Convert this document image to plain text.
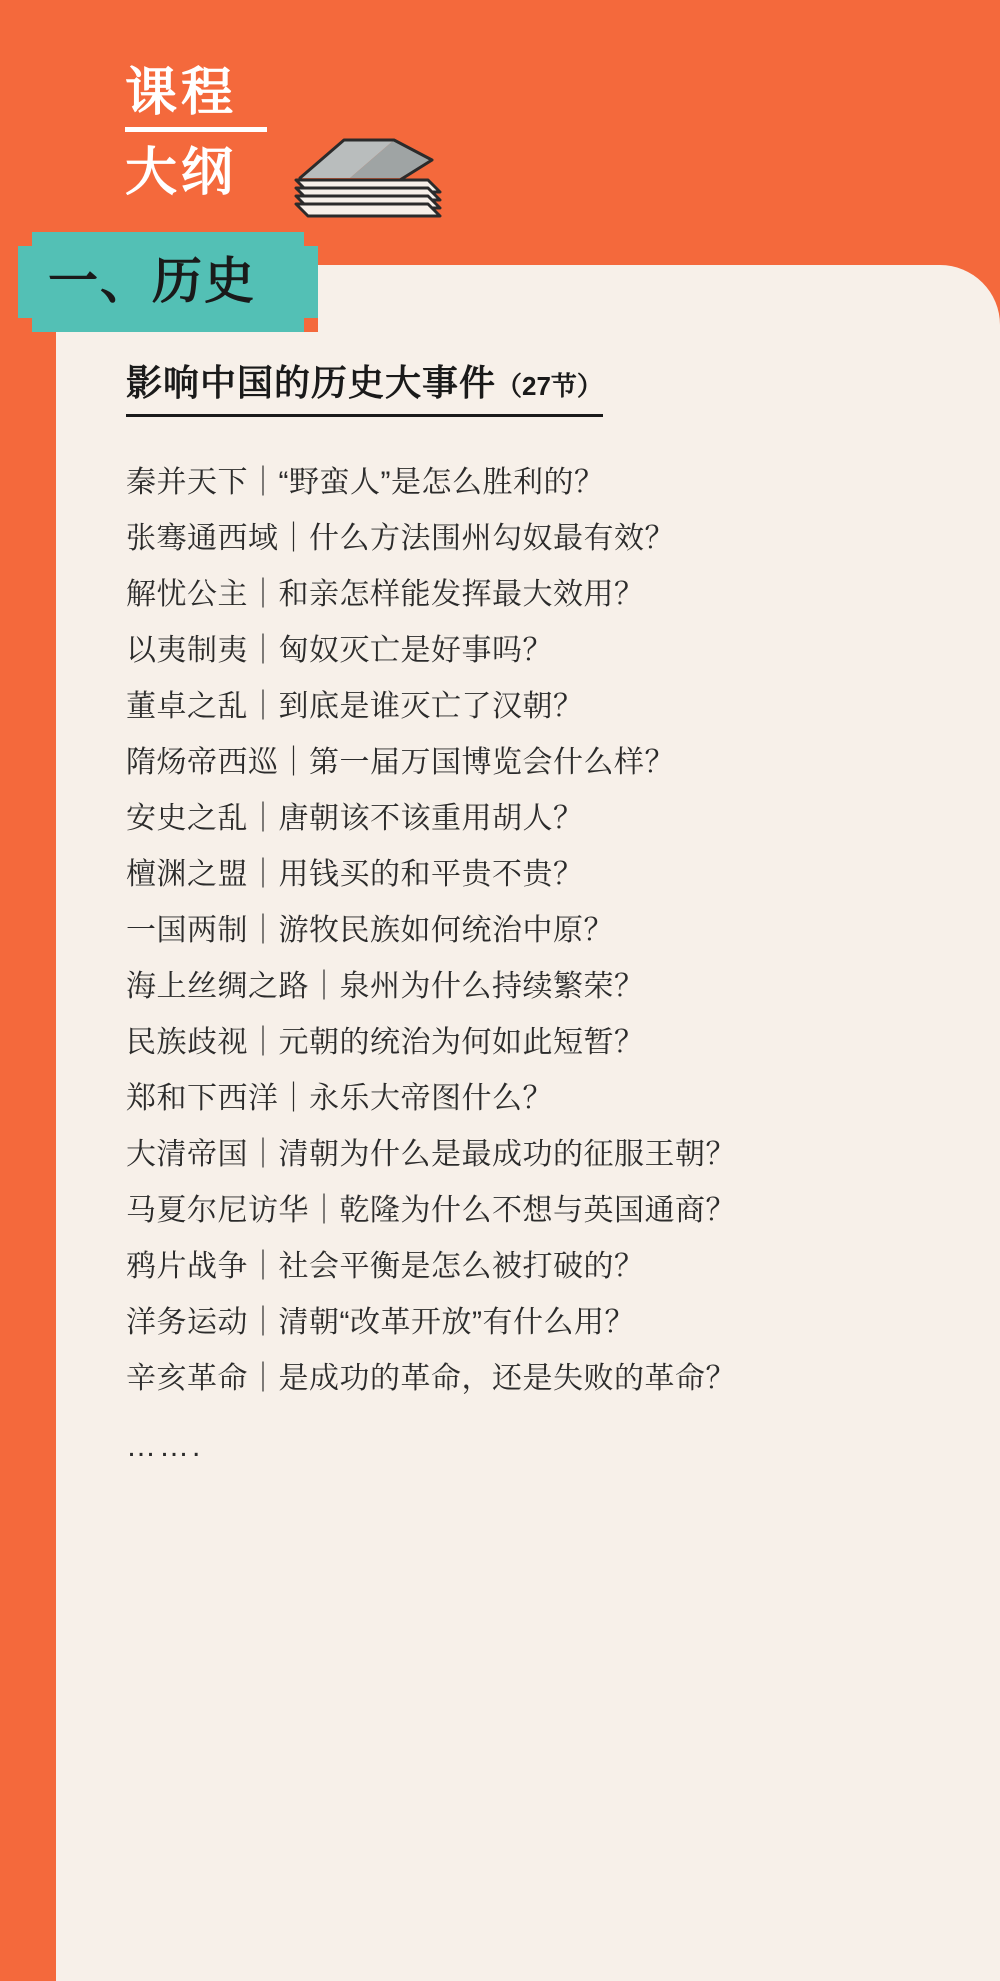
课程
大纲
一、历史
影响中国的历史大事件（27节）
秦并天下｜“野蛮人”是怎么胜利的？
张骞通西域｜什么方法围州勾奴最有效？
解忧公主｜和亲怎样能发挥最大效用？
以夷制夷｜匈奴灭亡是好事吗？
董卓之乱｜到底是谁灭亡了汉朝？
隋炀帝西巡｜第一届万国博览会什么样？
安史之乱｜唐朝该不该重用胡人？
檀渊之盟｜用钱买的和平贵不贵？
一国两制｜游牧民族如何统治中原？
海上丝绸之路｜泉州为什么持续繁荣？
民族歧视｜元朝的统治为何如此短暂？
郑和下西洋｜永乐大帝图什么？
大清帝国｜清朝为什么是最成功的征服王朝？
马夏尔尼访华｜乾隆为什么不想与英国通商？
鸦片战争｜社会平衡是怎么被打破的？
洋务运动｜清朝“改革开放”有什么用？
辛亥革命｜是成功的革命，还是失败的革命？
…….
